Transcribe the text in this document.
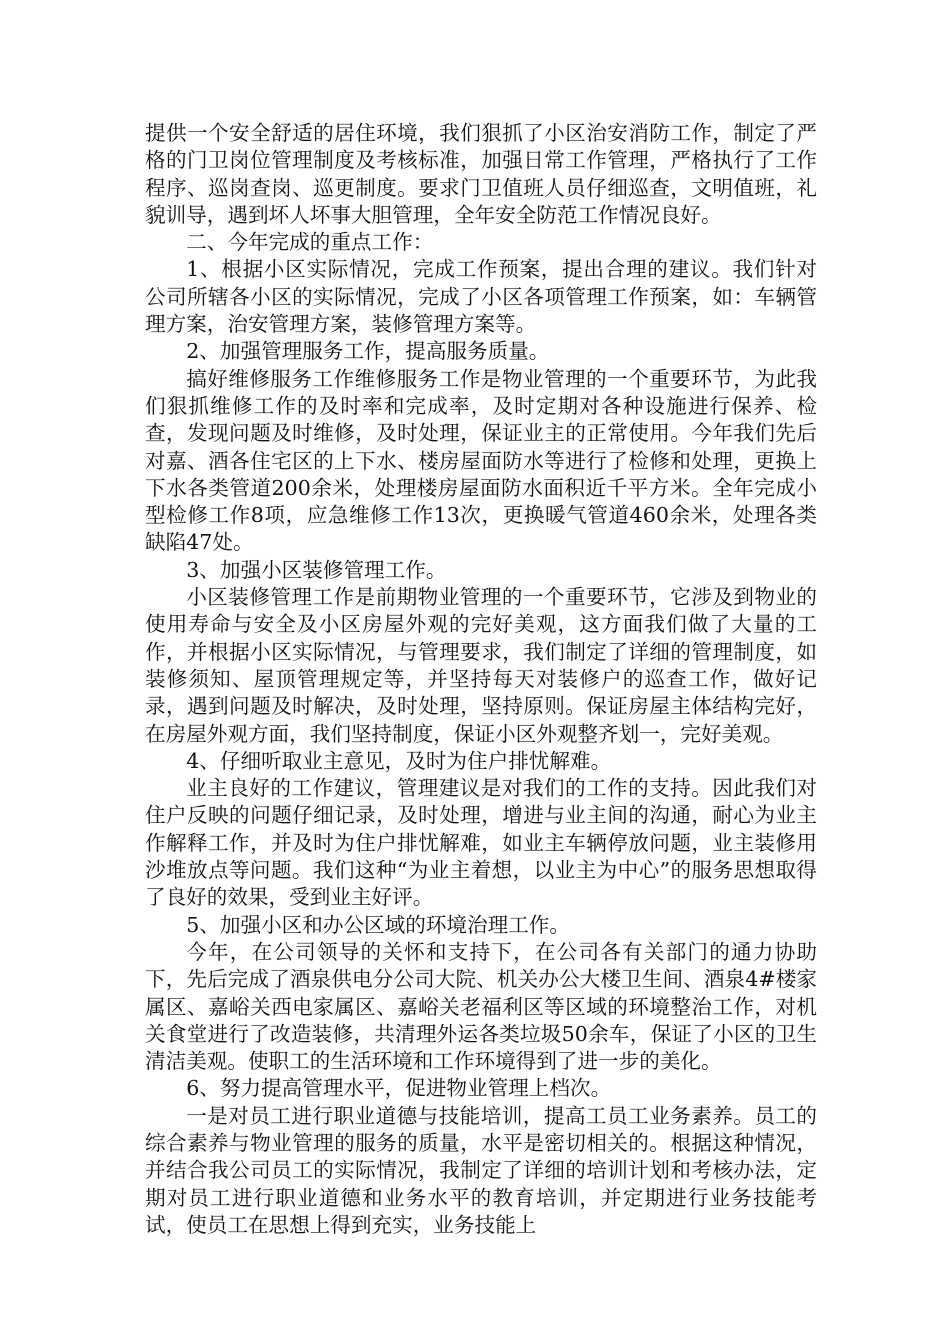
提供一个安全舒适的居住环境，我们狠抓了小区治安消防工作，制定了严格的门卫岗位管理制度及考核标准，加强日常工作管理，严格执行了工作程序、巡岗查岗、巡更制度。要求门卫值班人员仔细巡查，文明值班，礼貌训导，遇到坏人坏事大胆管理，全年安全防范工作情况良好。

二、今年完成的重点工作：

1、根据小区实际情况，完成工作预案，提出合理的建议。我们针对公司所辖各小区的实际情况，完成了小区各项管理工作预案，如：车辆管理方案，治安管理方案，装修管理方案等。

2、加强管理服务工作，提高服务质量。

搞好维修服务工作维修服务工作是物业管理的一个重要环节，为此我们狠抓维修工作的及时率和完成率，及时定期对各种设施进行保养、检查，发现问题及时维修，及时处理，保证业主的正常使用。今年我们先后对嘉、酒各住宅区的上下水、楼房屋面防水等进行了检修和处理，更换上下水各类管道200余米，处理楼房屋面防水面积近千平方米。全年完成小型检修工作8项，应急维修工作13次，更换暖气管道460余米，处理各类缺陷47处。

3、加强小区装修管理工作。

小区装修管理工作是前期物业管理的一个重要环节，它涉及到物业的使用寿命与安全及小区房屋外观的完好美观，这方面我们做了大量的工作，并根据小区实际情况，与管理要求，我们制定了详细的管理制度，如装修须知、屋顶管理规定等，并坚持每天对装修户的巡查工作，做好记录，遇到问题及时解决，及时处理，坚持原则。保证房屋主体结构完好，在房屋外观方面，我们坚持制度，保证小区外观整齐划一，完好美观。

4、仔细听取业主意见，及时为住户排忧解难。

业主良好的工作建议，管理建议是对我们的工作的支持。因此我们对住户反映的问题仔细记录，及时处理，增进与业主间的沟通，耐心为业主作解释工作，并及时为住户排忧解难，如业主车辆停放问题，业主装修用沙堆放点等问题。我们这种“为业主着想，以业主为中心”的服务思想取得了良好的效果，受到业主好评。

5、加强小区和办公区域的环境治理工作。

今年，在公司领导的关怀和支持下，在公司各有关部门的通力协助下，先后完成了酒泉供电分公司大院、机关办公大楼卫生间、酒泉4#楼家属区、嘉峪关西电家属区、嘉峪关老福利区等区域的环境整治工作，对机关食堂进行了改造装修，共清理外运各类垃圾50余车，保证了小区的卫生清洁美观。使职工的生活环境和工作环境得到了进一步的美化。

6、努力提高管理水平，促进物业管理上档次。

一是对员工进行职业道德与技能培训，提高工员工业务素养。员工的综合素养与物业管理的服务的质量，水平是密切相关的。根据这种情况，并结合我公司员工的实际情况，我制定了详细的培训计划和考核办法，定期对员工进行职业道德和业务水平的教育培训，并定期进行业务技能考试，使员工在思想上得到充实，业务技能上
